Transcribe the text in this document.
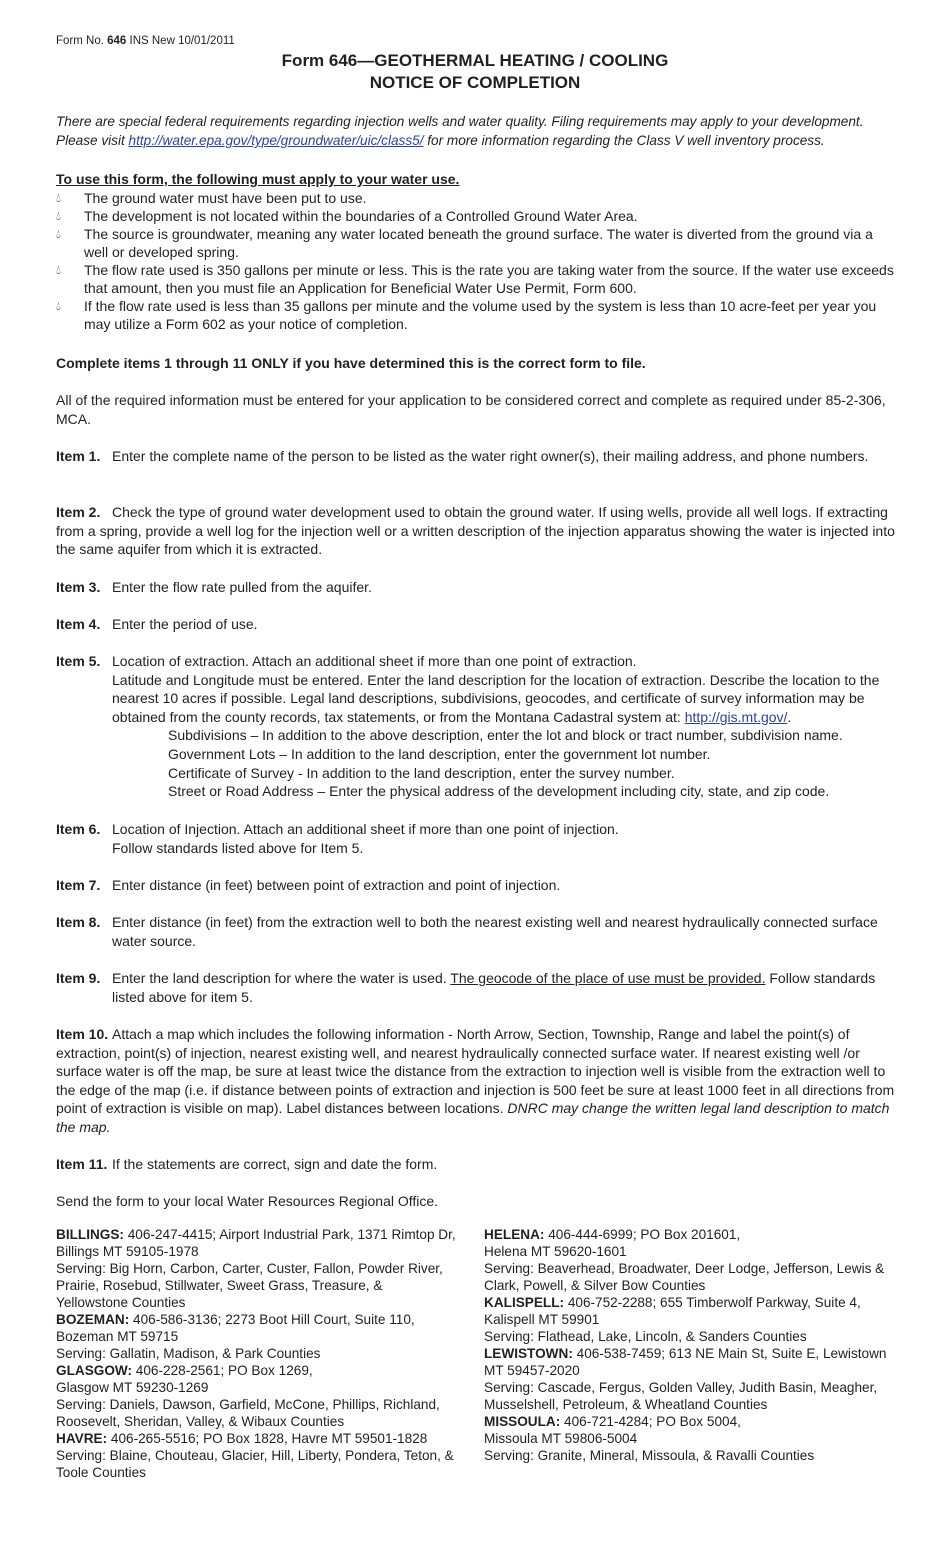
Form No. 646 INS New 10/01/2011
Form 646—GEOTHERMAL HEATING / COOLING
NOTICE OF COMPLETION
There are special federal requirements regarding injection wells and water quality. Filing requirements may apply to your development. Please visit http://water.epa.gov/type/groundwater/uic/class5/ for more information regarding the Class V well inventory process.
To use this form, the following must apply to your water use.
💧︎ The ground water must have been put to use.
💧︎ The development is not located within the boundaries of a Controlled Ground Water Area.
💧︎ The source is groundwater, meaning any water located beneath the ground surface. The water is diverted from the ground via a well or developed spring.
💧︎ The flow rate used is 350 gallons per minute or less. This is the rate you are taking water from the source. If the water use exceeds that amount, then you must file an Application for Beneficial Water Use Permit, Form 600.
💧︎ If the flow rate used is less than 35 gallons per minute and the volume used by the system is less than 10 acre-feet per year you may utilize a Form 602 as your notice of completion.
Complete items 1 through 11 ONLY if you have determined this is the correct form to file.
All of the required information must be entered for your application to be considered correct and complete as required under 85-2-306, MCA.
Item 1. Enter the complete name of the person to be listed as the water right owner(s), their mailing address, and phone numbers.
Item 2. Check the type of ground water development used to obtain the ground water. If using wells, provide all well logs. If extracting from a spring, provide a well log for the injection well or a written description of the injection apparatus showing the water is injected into the same aquifer from which it is extracted.
Item 3. Enter the flow rate pulled from the aquifer.
Item 4. Enter the period of use.
Item 5. Location of extraction. Attach an additional sheet if more than one point of extraction.
Latitude and Longitude must be entered. Enter the land description for the location of extraction. Describe the location to the nearest 10 acres if possible. Legal land descriptions, subdivisions, geocodes, and certificate of survey information may be obtained from the county records, tax statements, or from the Montana Cadastral system at: http://gis.mt.gov/.
Subdivisions – In addition to the above description, enter the lot and block or tract number, subdivision name.
Government Lots – In addition to the land description, enter the government lot number.
Certificate of Survey - In addition to the land description, enter the survey number.
Street or Road Address – Enter the physical address of the development including city, state, and zip code.
Item 6. Location of Injection. Attach an additional sheet if more than one point of injection.
Follow standards listed above for Item 5.
Item 7. Enter distance (in feet) between point of extraction and point of injection.
Item 8. Enter distance (in feet) from the extraction well to both the nearest existing well and nearest hydraulically connected surface water source.
Item 9. Enter the land description for where the water is used. The geocode of the place of use must be provided. Follow standards listed above for item 5.
Item 10. Attach a map which includes the following information - North Arrow, Section, Township, Range and label the point(s) of extraction, point(s) of injection, nearest existing well, and nearest hydraulically connected surface water. If nearest existing well /or surface water is off the map, be sure at least twice the distance from the extraction to injection well is visible from the extraction well to the edge of the map (i.e. if distance between points of extraction and injection is 500 feet be sure at least 1000 feet in all directions from point of extraction is visible on map). Label distances between locations. DNRC may change the written legal land description to match the map.
Item 11. If the statements are correct, sign and date the form.
Send the form to your local Water Resources Regional Office.
BILLINGS: 406-247-4415; Airport Industrial Park, 1371 Rimtop Dr, Billings MT 59105-1978
Serving: Big Horn, Carbon, Carter, Custer, Fallon, Powder River, Prairie, Rosebud, Stillwater, Sweet Grass, Treasure, & Yellowstone Counties
BOZEMAN: 406-586-3136; 2273 Boot Hill Court, Suite 110, Bozeman MT 59715
Serving: Gallatin, Madison, & Park Counties
GLASGOW: 406-228-2561; PO Box 1269,
Glasgow MT 59230-1269
Serving: Daniels, Dawson, Garfield, McCone, Phillips, Richland, Roosevelt, Sheridan, Valley, & Wibaux Counties
HAVRE: 406-265-5516; PO Box 1828, Havre MT 59501-1828
Serving: Blaine, Chouteau, Glacier, Hill, Liberty, Pondera, Teton, & Toole Counties
HELENA: 406-444-6999; PO Box 201601,
Helena MT 59620-1601
Serving: Beaverhead, Broadwater, Deer Lodge, Jefferson, Lewis & Clark, Powell, & Silver Bow Counties
KALISPELL: 406-752-2288; 655 Timberwolf Parkway, Suite 4, Kalispell MT 59901
Serving: Flathead, Lake, Lincoln, & Sanders Counties
LEWISTOWN: 406-538-7459; 613 NE Main St, Suite E, Lewistown MT 59457-2020
Serving: Cascade, Fergus, Golden Valley, Judith Basin, Meagher, Musselshell, Petroleum, & Wheatland Counties
MISSOULA: 406-721-4284; PO Box 5004,
Missoula MT 59806-5004
Serving: Granite, Mineral, Missoula, & Ravalli Counties
